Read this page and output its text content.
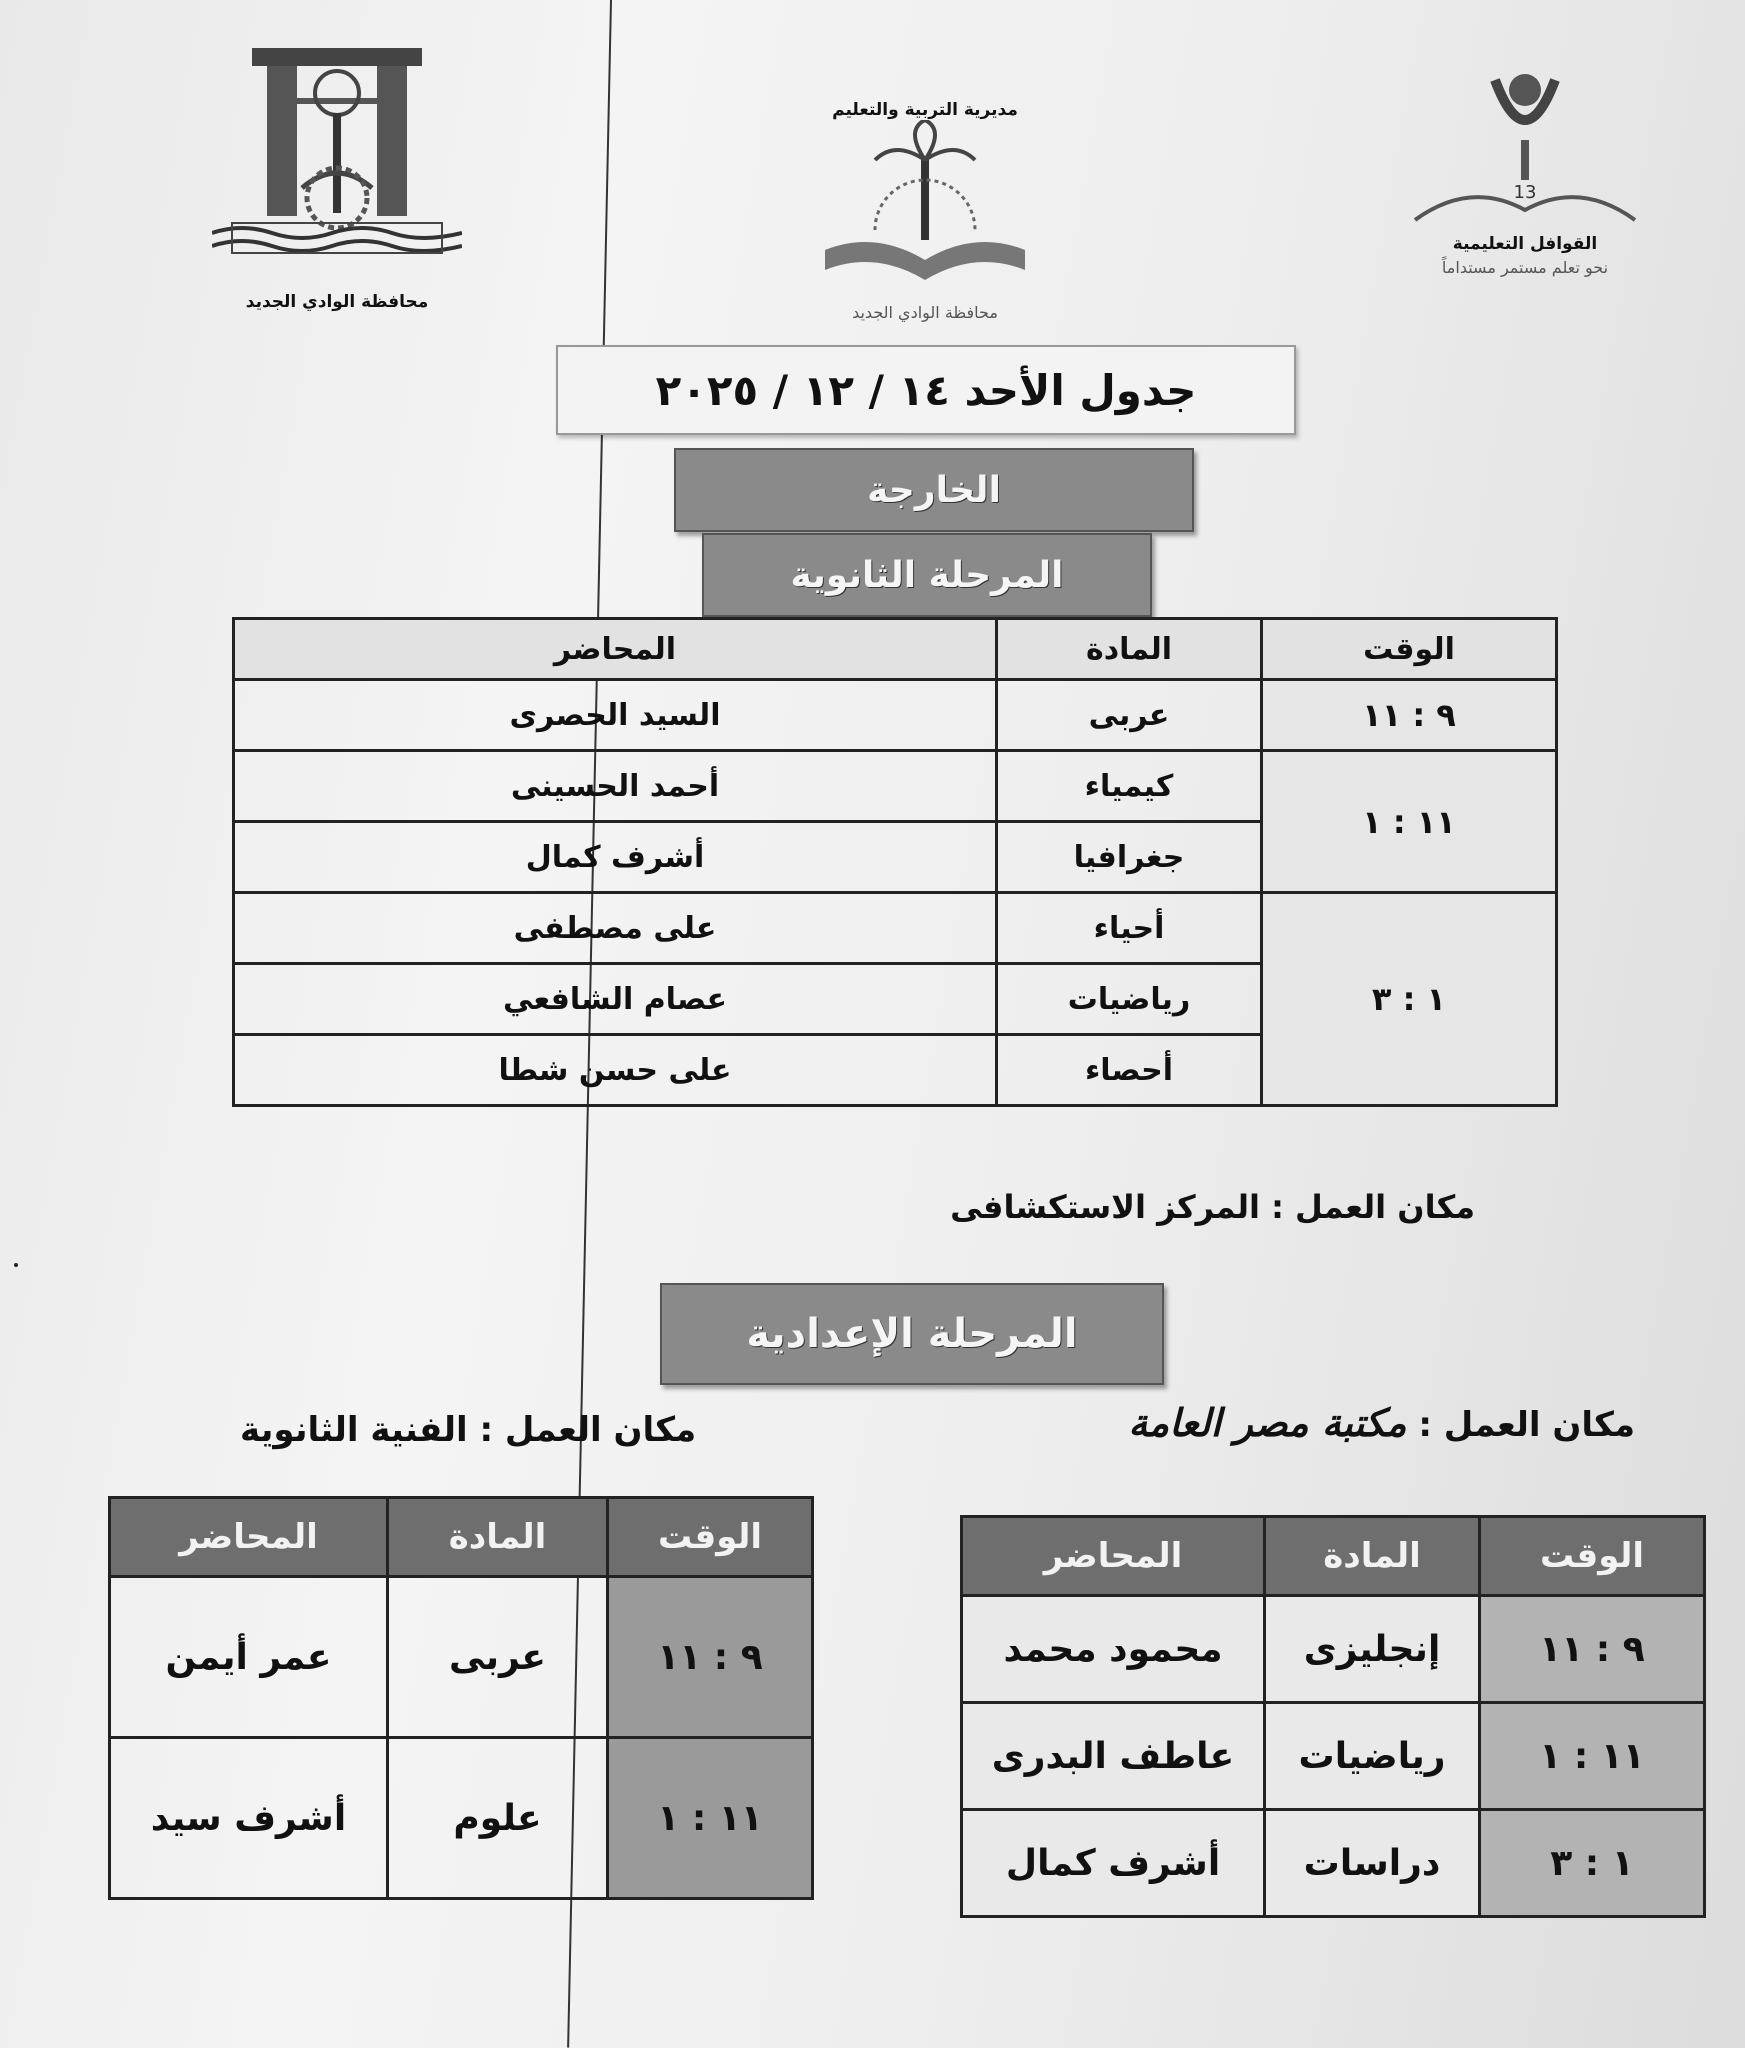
محافظة الوادي الجديد
مديرية التربية والتعليم
محافظة الوادي الجديد
13
القوافل التعليمية
نحو تعلم مستمر مستداماً
جدول الأحد ١٤ / ١٢ / ٢٠٢٥
الخارجة
المرحلة الثانوية
الوقت	المادة	المحاضر
٩ : ١١	عربى	السيد الحصرى
١١ : ١	كيمياء	أحمد الحسينى
	جغرافيا	أشرف كمال
١ : ٣	أحياء	على مصطفى
	رياضيات	عصام الشافعي
	أحصاء	على حسن شطا
مكان العمل : المركز الاستكشافى
المرحلة الإعدادية
مكان العمل : الفنية الثانوية	مكان العمل : مكتبة مصر العامة
الوقت	المادة	المحاضر
٩ : ١١	عربى	عمر أيمن
١١ : ١	علوم	أشرف سيد
الوقت	المادة	المحاضر
٩ : ١١	إنجليزى	محمود محمد
١١ : ١	رياضيات	عاطف البدرى
١ : ٣	دراسات	أشرف كمال
